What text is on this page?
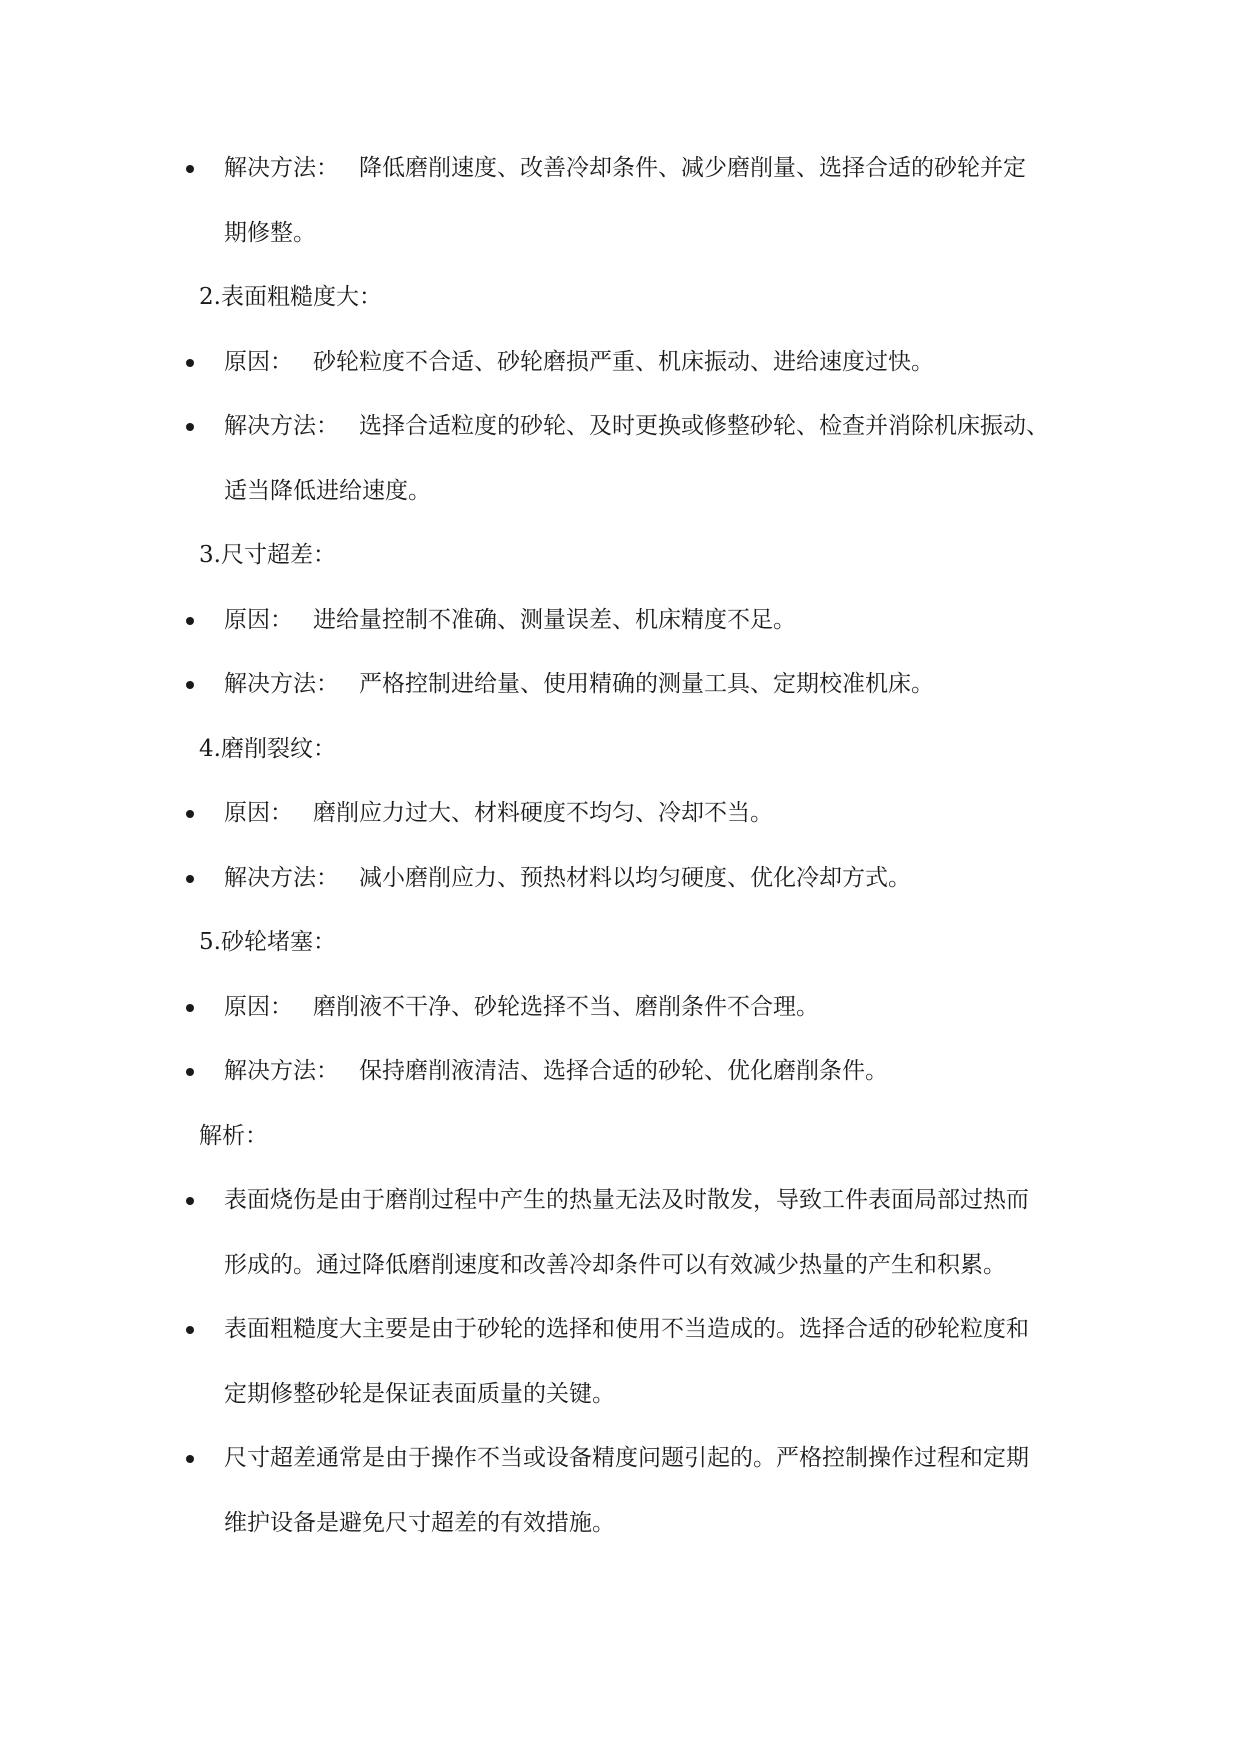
解决方法： 降低磨削速度、改善冷却条件、减少磨削量、选择合适的砂轮并定
期修整。
2.表面粗糙度大：
原因： 砂轮粒度不合适、砂轮磨损严重、机床振动、进给速度过快。
解决方法： 选择合适粒度的砂轮、及时更换或修整砂轮、检查并消除机床振动、
适当降低进给速度。
3.尺寸超差：
原因： 进给量控制不准确、测量误差、机床精度不足。
解决方法： 严格控制进给量、使用精确的测量工具、定期校准机床。
4.磨削裂纹：
原因： 磨削应力过大、材料硬度不均匀、冷却不当。
解决方法： 减小磨削应力、预热材料以均匀硬度、优化冷却方式。
5.砂轮堵塞：
原因： 磨削液不干净、砂轮选择不当、磨削条件不合理。
解决方法： 保持磨削液清洁、选择合适的砂轮、优化磨削条件。
解析：
表面烧伤是由于磨削过程中产生的热量无法及时散发，导致工件表面局部过热而
形成的。通过降低磨削速度和改善冷却条件可以有效减少热量的产生和积累。
表面粗糙度大主要是由于砂轮的选择和使用不当造成的。选择合适的砂轮粒度和
定期修整砂轮是保证表面质量的关键。
尺寸超差通常是由于操作不当或设备精度问题引起的。严格控制操作过程和定期
维护设备是避免尺寸超差的有效措施。
